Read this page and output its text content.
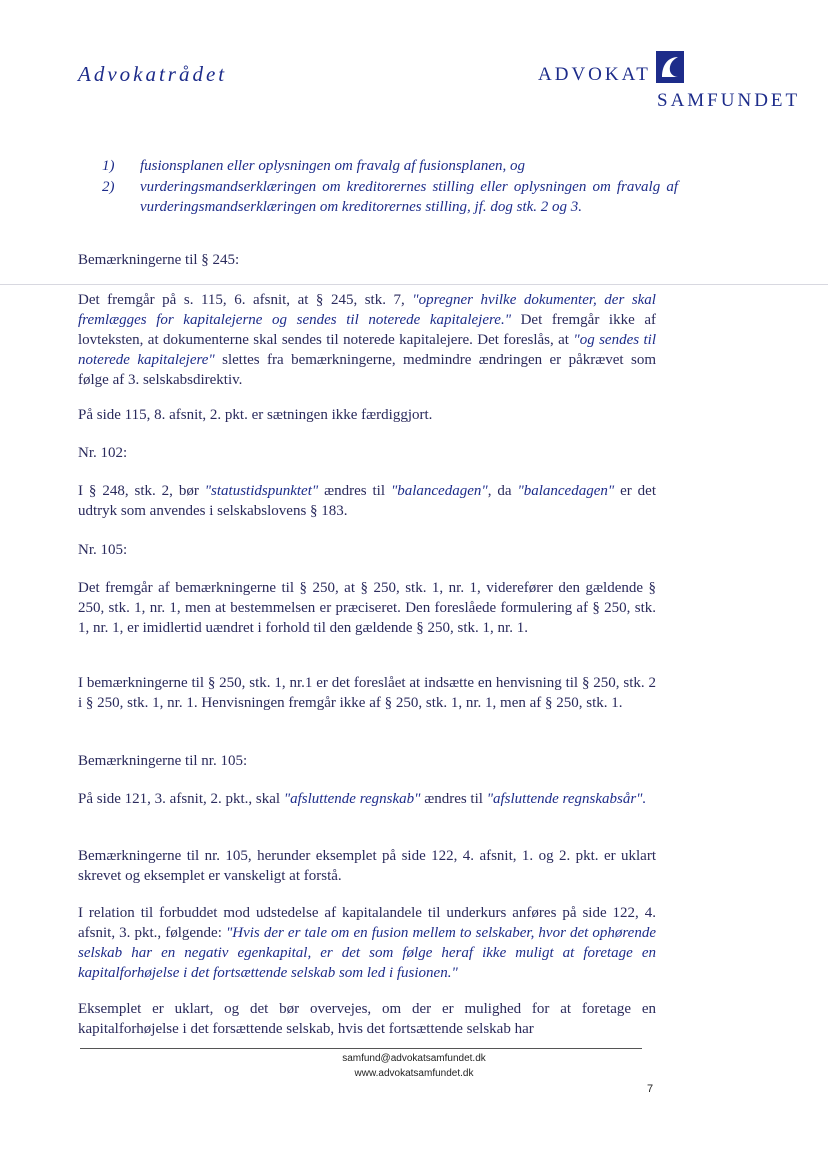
Advokatrådet	ADVOKAT
SAMFUNDET
1) fusionsplanen eller oplysningen om fravalg af fusionsplanen, og
2) vurderingsmandserklæringen om kreditorernes stilling eller oplysningen om fravalg af vurderingsmandserklæringen om kreditorernes stilling, jf. dog stk. 2 og 3.
Bemærkningerne til § 245:
Det fremgår på s. 115, 6. afsnit, at § 245, stk. 7, "opregner hvilke dokumenter, der skal fremlægges for kapitalejerne og sendes til noterede kapitalejere." Det fremgår ikke af lovteksten, at dokumenterne skal sendes til noterede kapitalejere. Det foreslås, at "og sendes til noterede kapitalejere" slettes fra bemærkningerne, medmindre ændringen er påkrævet som følge af 3. selskabsdirektiv.
På side 115, 8. afsnit, 2. pkt. er sætningen ikke færdiggjort.
Nr. 102:
I § 248, stk. 2, bør "statustidspunktet" ændres til "balancedagen", da "balancedagen" er det udtryk som anvendes i selskabslovens § 183.
Nr. 105:
Det fremgår af bemærkningerne til § 250, at § 250, stk. 1, nr. 1, viderefører den gældende § 250, stk. 1, nr. 1, men at bestemmelsen er præciseret. Den foreslåede formulering af § 250, stk. 1, nr. 1, er imidlertid uændret i forhold til den gældende § 250, stk. 1, nr. 1.
I bemærkningerne til § 250, stk. 1, nr.1 er det foreslået at indsætte en henvisning til § 250, stk. 2 i § 250, stk. 1, nr. 1. Henvisningen fremgår ikke af § 250, stk. 1, nr. 1, men af § 250, stk. 1.
Bemærkningerne til nr. 105:
På side 121, 3. afsnit, 2. pkt., skal "afsluttende regnskab" ændres til "afsluttende regnskabsår".
Bemærkningerne til nr. 105, herunder eksemplet på side 122, 4. afsnit, 1. og 2. pkt. er uklart skrevet og eksemplet er vanskeligt at forstå.
I relation til forbuddet mod udstedelse af kapitalandele til underkurs anføres på side 122, 4. afsnit, 3. pkt., følgende: "Hvis der er tale om en fusion mellem to selskaber, hvor det ophørende selskab har en negativ egenkapital, er det som følge heraf ikke muligt at foretage en kapitalforhøjelse i det fortsættende selskab som led i fusionen."
Eksemplet er uklart, og det bør overvejes, om der er mulighed for at foretage en kapitalforhøjelse i det forsættende selskab, hvis det fortsættende selskab har
samfund@advokatsamfundet.dk
www.advokatsamfundet.dk
7
